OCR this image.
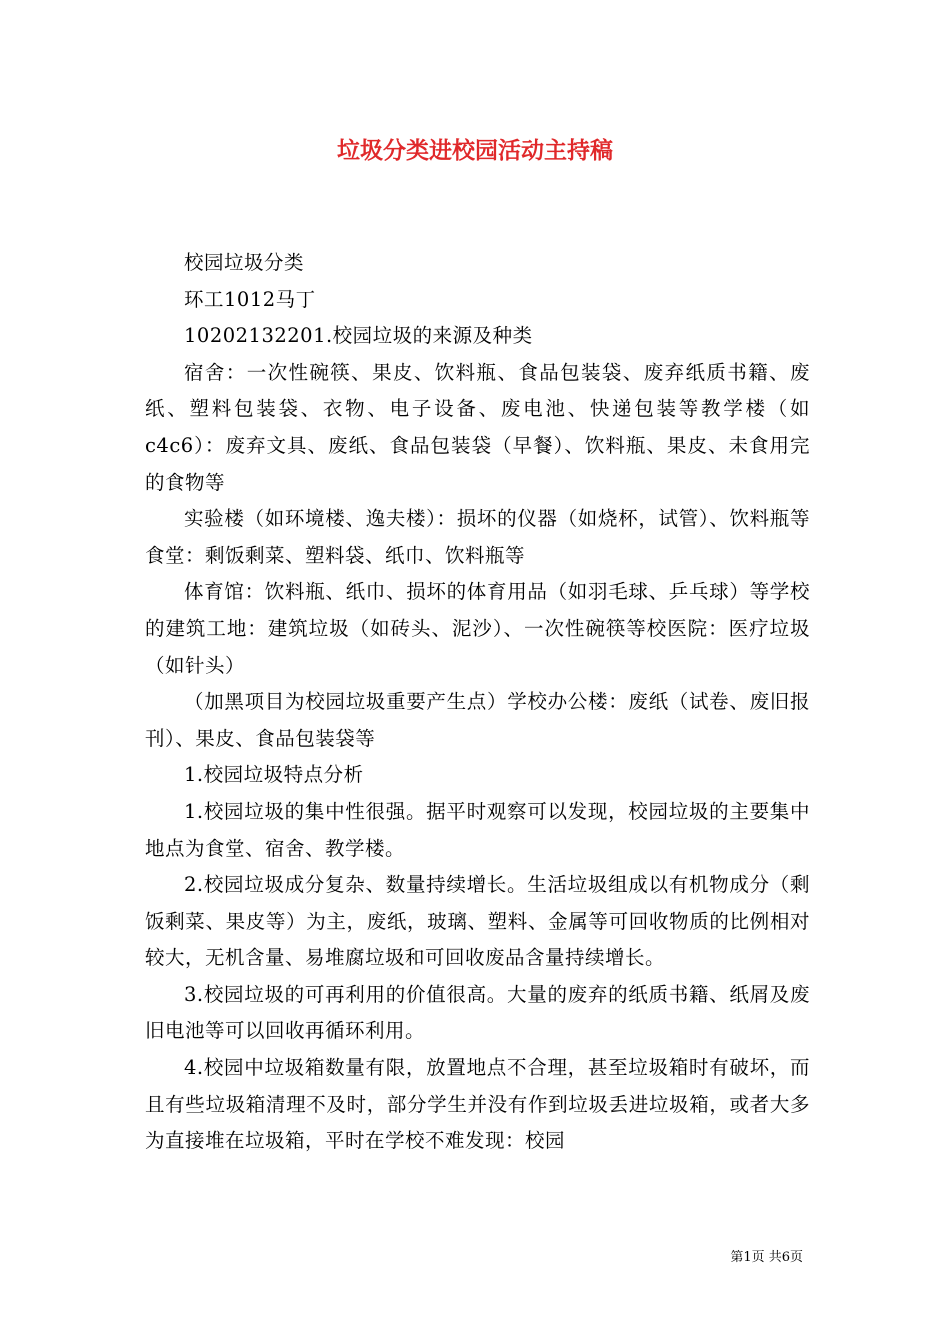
垃圾分类进校园活动主持稿

校园垃圾分类

环工1012马丁

10202132201.校园垃圾的来源及种类

宿舍：一次性碗筷、果皮、饮料瓶、食品包装袋、废弃纸质书籍、废纸、塑料包装袋、衣物、电子设备、废电池、快递包装等教学楼（如c4c6）：废弃文具、废纸、食品包装袋（早餐）、饮料瓶、果皮、未食用完的食物等

实验楼（如环境楼、逸夫楼）：损坏的仪器（如烧杯，试管）、饮料瓶等食堂：剩饭剩菜、塑料袋、纸巾、饮料瓶等

体育馆：饮料瓶、纸巾、损坏的体育用品（如羽毛球、乒乓球）等学校的建筑工地：建筑垃圾（如砖头、泥沙）、一次性碗筷等校医院：医疗垃圾（如针头）

（加黑项目为校园垃圾重要产生点）学校办公楼：废纸（试卷、废旧报刊）、果皮、食品包装袋等

1.校园垃圾特点分析

1.校园垃圾的集中性很强。据平时观察可以发现，校园垃圾的主要集中地点为食堂、宿舍、教学楼。

2.校园垃圾成分复杂、数量持续增长。生活垃圾组成以有机物成分（剩饭剩菜、果皮等）为主，废纸，玻璃、塑料、金属等可回收物质的比例相对较大，无机含量、易堆腐垃圾和可回收废品含量持续增长。

3.校园垃圾的可再利用的价值很高。大量的废弃的纸质书籍、纸屑及废旧电池等可以回收再循环利用。

4.校园中垃圾箱数量有限，放置地点不合理，甚至垃圾箱时有破坏，而且有些垃圾箱清理不及时，部分学生并没有作到垃圾丢进垃圾箱，或者大多为直接堆在垃圾箱，平时在学校不难发现：校园

第1页 共6页
